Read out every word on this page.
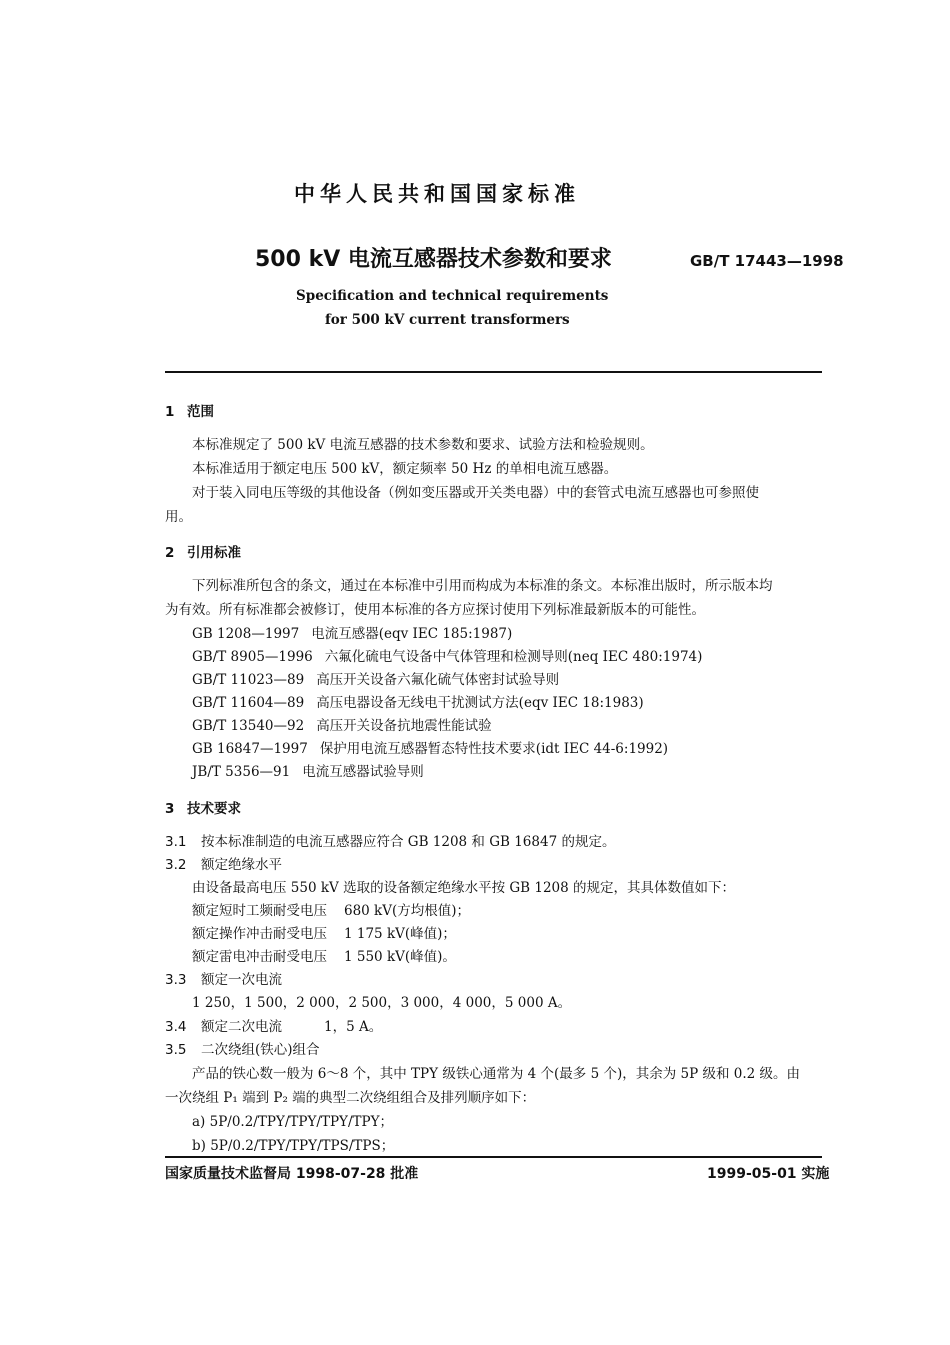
中华人民共和国国家标准
500 kV 电流互感器技术参数和要求	GB/T 17443—1998
Specification and technical requirements
for 500 kV current transformers
1 范围
本标准规定了 500 kV 电流互感器的技术参数和要求、试验方法和检验规则。
本标准适用于额定电压 500 kV，额定频率 50 Hz 的单相电流互感器。
对于装入同电压等级的其他设备（例如变压器或开关类电器）中的套管式电流互感器也可参照使
用。
2 引用标准
下列标准所包含的条文，通过在本标准中引用而构成为本标准的条文。本标准出版时，所示版本均
为有效。所有标准都会被修订，使用本标准的各方应探讨使用下列标准最新版本的可能性。
GB 1208—1997 电流互感器(eqv IEC 185:1987)
GB/T 8905—1996 六氟化硫电气设备中气体管理和检测导则(neq IEC 480:1974)
GB/T 11023—89 高压开关设备六氟化硫气体密封试验导则
GB/T 11604—89 高压电器设备无线电干扰测试方法(eqv IEC 18:1983)
GB/T 13540—92 高压开关设备抗地震性能试验
GB 16847—1997 保护用电流互感器暂态特性技术要求(idt IEC 44-6:1992)
JB/T 5356—91 电流互感器试验导则
3 技术要求
3.1 按本标准制造的电流互感器应符合 GB 1208 和 GB 16847 的规定。
3.2 额定绝缘水平
由设备最高电压 550 kV 选取的设备额定绝缘水平按 GB 1208 的规定，其具体数值如下：
额定短时工频耐受电压 680 kV(方均根值)；
额定操作冲击耐受电压 1 175 kV(峰值)；
额定雷电冲击耐受电压 1 550 kV(峰值)。
3.3 额定一次电流
1 250，1 500，2 000，2 500，3 000，4 000，5 000 A。
3.4 额定二次电流	1，5 A。
3.5 二次绕组(铁心)组合
产品的铁心数一般为 6～8 个，其中 TPY 级铁心通常为 4 个(最多 5 个)，其余为 5P 级和 0.2 级。由
一次绕组 P₁ 端到 P₂ 端的典型二次绕组组合及排列顺序如下：
a) 5P/0.2/TPY/TPY/TPY/TPY；
b) 5P/0.2/TPY/TPY/TPS/TPS；
国家质量技术监督局 1998-07-28 批准	1999-05-01 实施
